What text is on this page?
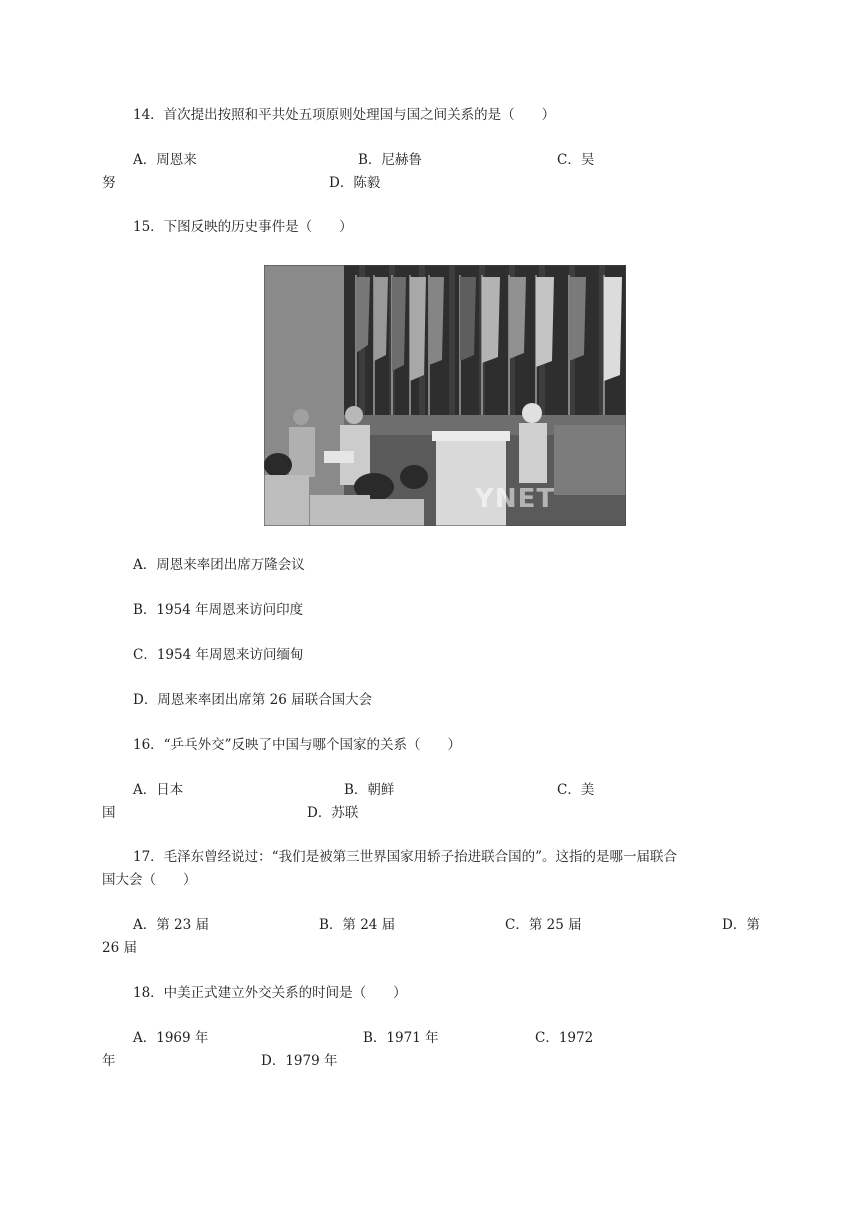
14．首次提出按照和平共处五项原则处理国与国之间关系的是（　　）
A．周恩来	B．尼赫鲁	C．吴
努	D．陈毅
15．下图反映的历史事件是（　　）
YNET
A．周恩来率团出席万隆会议
B．1954 年周恩来访问印度
C．1954 年周恩来访问缅甸
D．周恩来率团出席第 26 届联合国大会
16．“乒乓外交”反映了中国与哪个国家的关系（　　）
A．日本	B．朝鲜	C．美
国	D．苏联
17．毛泽东曾经说过：“我们是被第三世界国家用轿子抬进联合国的”。这指的是哪一届联合
国大会（　　）
A．第 23 届	B．第 24 届	C．第 25 届	D．第
26 届
18．中美正式建立外交关系的时间是（　　）
A．1969 年	B．1971 年	C．1972
年	D．1979 年
